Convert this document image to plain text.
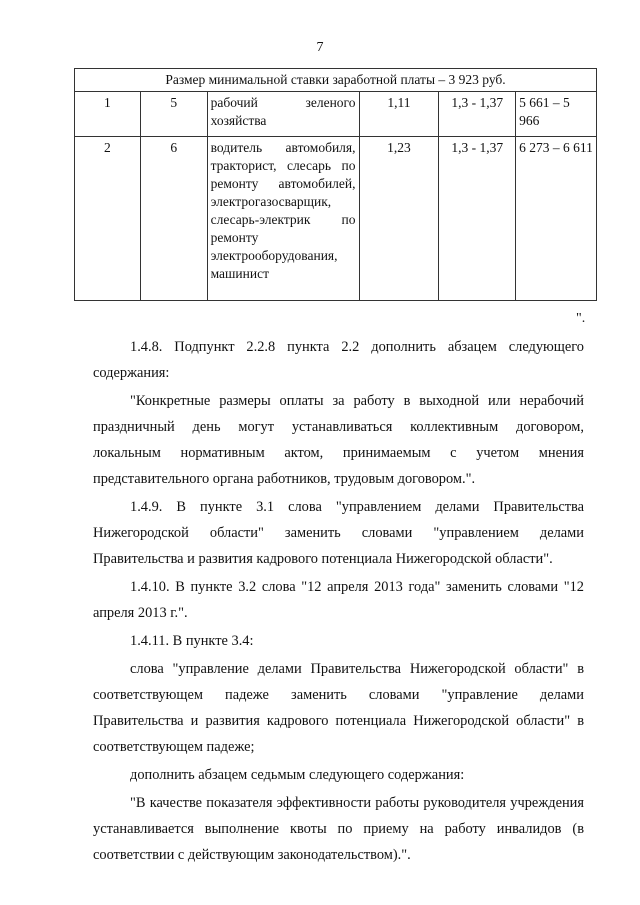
7
Размер минимальной ставки заработной платы – 3 923 руб.					
1	5	рабочий зеленого хозяйства	1,11	1,3 - 1,37	5 661 – 5 966
2	6	водитель автомобиля, тракторист, слесарь по ремонту автомобилей, электрогазосварщик, слесарь-электрик по ремонту электрооборудования, машинист	1,23	1,3 - 1,37	6 273 – 6 611
".

1.4.8. Подпункт 2.2.8 пункта 2.2 дополнить абзацем следующего содержания:

"Конкретные размеры оплаты за работу в выходной или нерабочий праздничный день могут устанавливаться коллективным договором, локальным нормативным актом, принимаемым с учетом мнения представительного органа работников, трудовым договором.".

1.4.9. В пункте 3.1 слова "управлением делами Правительства Нижегородской области" заменить словами "управлением делами Правительства и развития кадрового потенциала Нижегородской области".

1.4.10. В пункте 3.2 слова "12 апреля 2013 года" заменить словами "12 апреля 2013 г.".

1.4.11. В пункте 3.4:

слова "управление делами Правительства Нижегородской области" в соответствующем падеже заменить словами "управление делами Правительства и развития кадрового потенциала Нижегородской области" в соответствующем падеже;

дополнить абзацем седьмым следующего содержания:

"В качестве показателя эффективности работы руководителя учреждения устанавливается выполнение квоты по приему на работу инвалидов (в соответствии с действующим законодательством).".
